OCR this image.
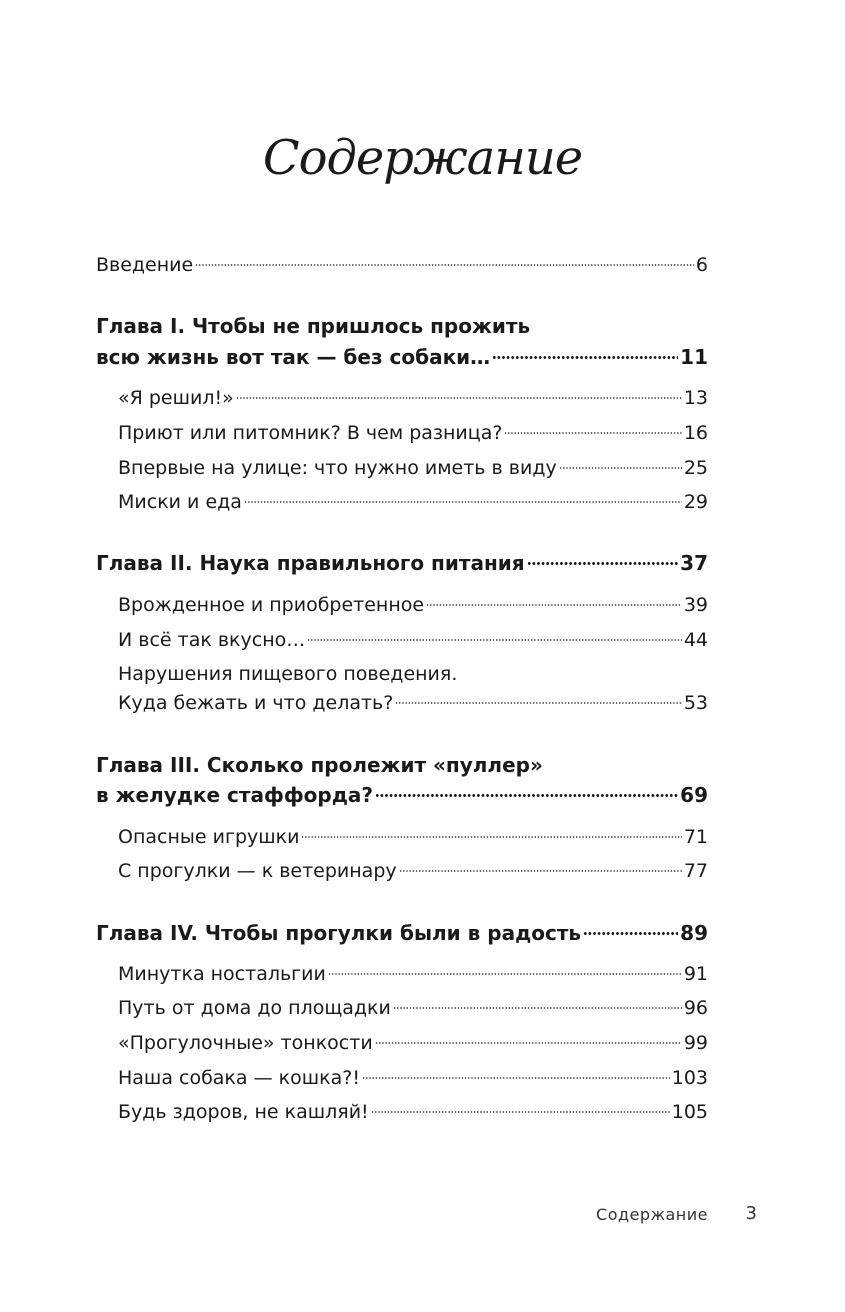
Содержание
Введение	6
Глава I. Чтобы не пришлось прожить
всю жизнь вот так — без собаки…	11
«Я решил!»	13
Приют или питомник? В чем разница?	16
Впервые на улице: что нужно иметь в виду	25
Миски и еда	29
Глава II. Наука правильного питания	37
Врожденное и приобретенное	39
И всё так вкусно…	44
Нарушения пищевого поведения.
Куда бежать и что делать?	53
Глава III. Сколько пролежит «пуллер»
в желудке стаффорда?	69
Опасные игрушки	71
С прогулки — к ветеринару	77
Глава IV. Чтобы прогулки были в радость	89
Минутка ностальгии	91
Путь от дома до площадки	96
«Прогулочные» тонкости	99
Наша собака — кошка?!	103
Будь здоров, не кашляй!	105
Содержание 3
